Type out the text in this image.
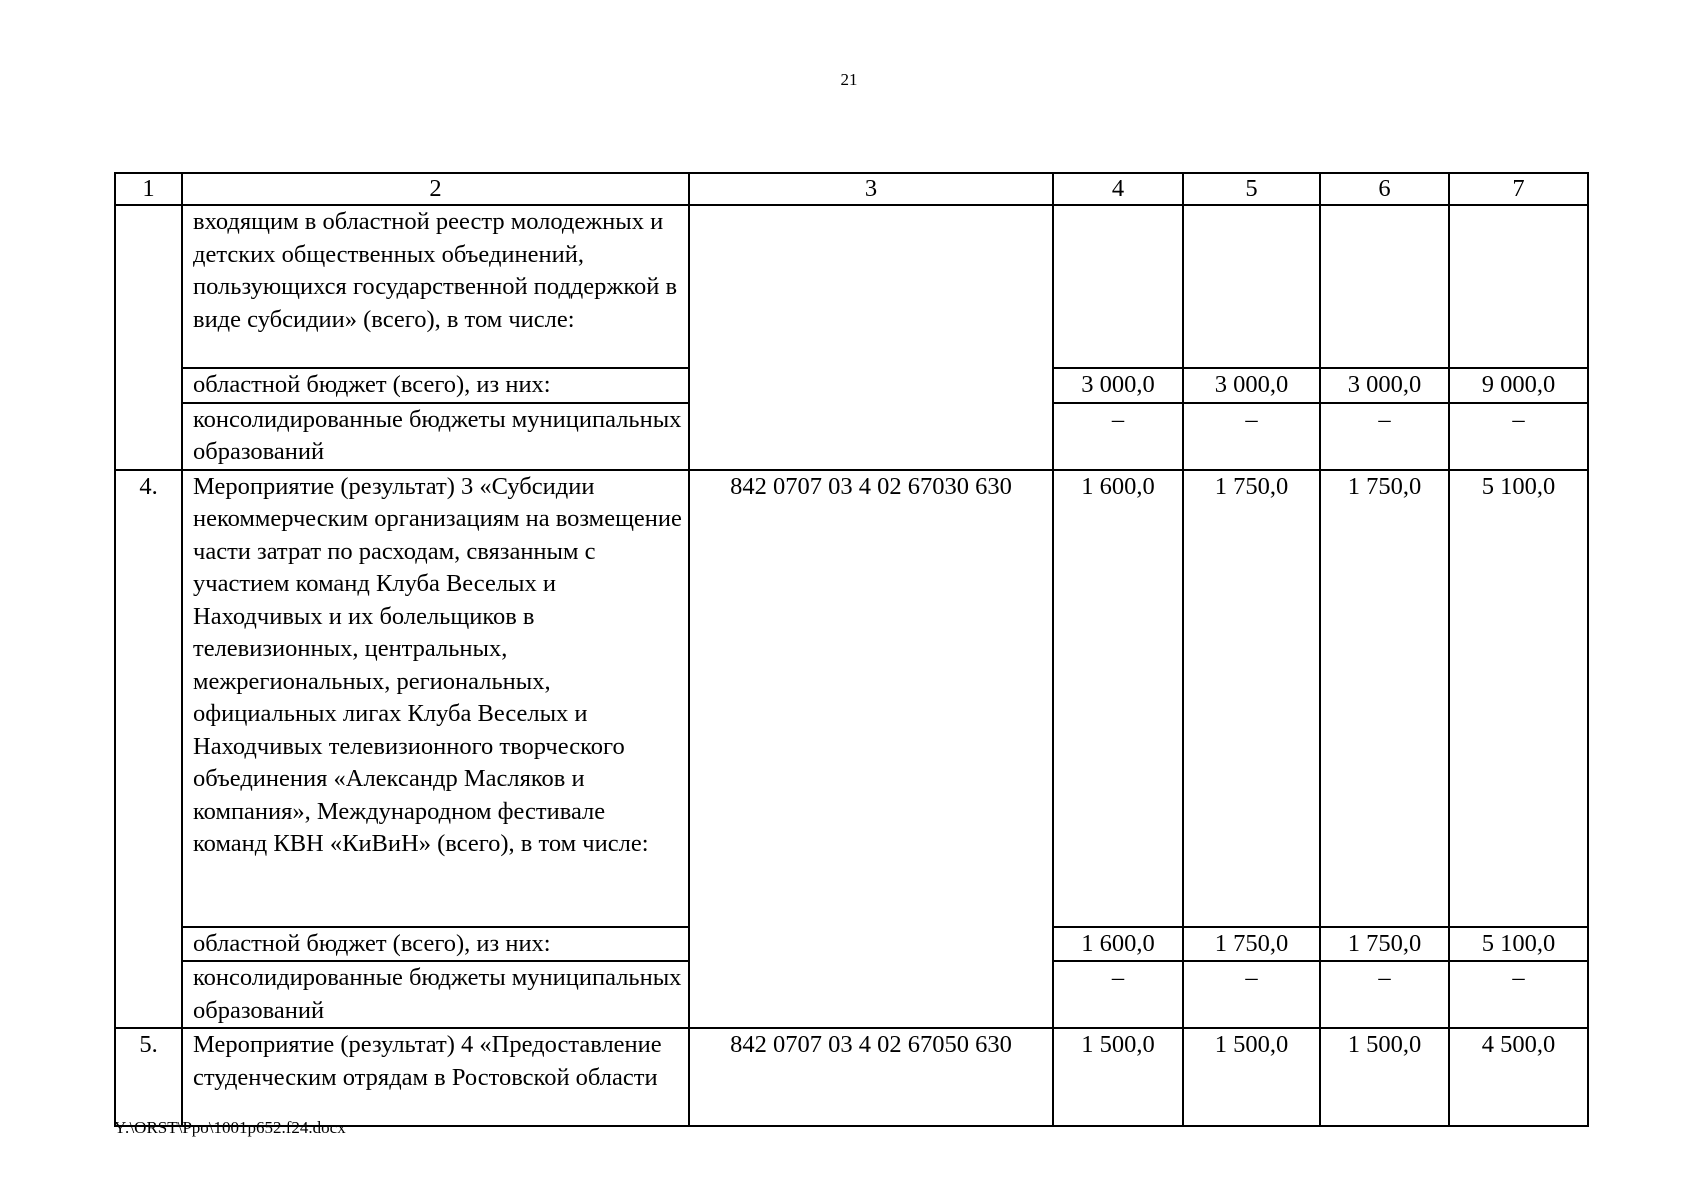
21
1	2	3	4	5	6	7
	входящим в областной реестр молодежных и детских общественных объединений, пользующихся государственной поддержкой в виде субсидии» (всего), в том числе:					
	областной бюджет (всего), из них:		3 000,0	3 000,0	3 000,0	9 000,0
	консолидированные бюджеты муниципальных образований		–	–	–	–
4.	Мероприятие (результат) 3 «Субсидии некоммерческим организациям на возмещение части затрат по расходам, связанным с участием команд Клуба Веселых и Находчивых и их болельщиков в телевизионных, центральных, межрегиональных, региональных, официальных лигах Клуба Веселых и Находчивых телевизионного творческого объединения «Александр Масляков и компания», Международном фестивале команд КВН «КиВиН» (всего), в том числе:	842 0707 03 4 02 67030 630	1 600,0	1 750,0	1 750,0	5 100,0
	областной бюджет (всего), из них:		1 600,0	1 750,0	1 750,0	5 100,0
	консолидированные бюджеты муниципальных образований		–	–	–	–
5.	Мероприятие (результат) 4 «Предоставление студенческим отрядам в Ростовской области	842 0707 03 4 02 67050 630	1 500,0	1 500,0	1 500,0	4 500,0
Y:\ORST\Ppo\1001p652.f24.docx
